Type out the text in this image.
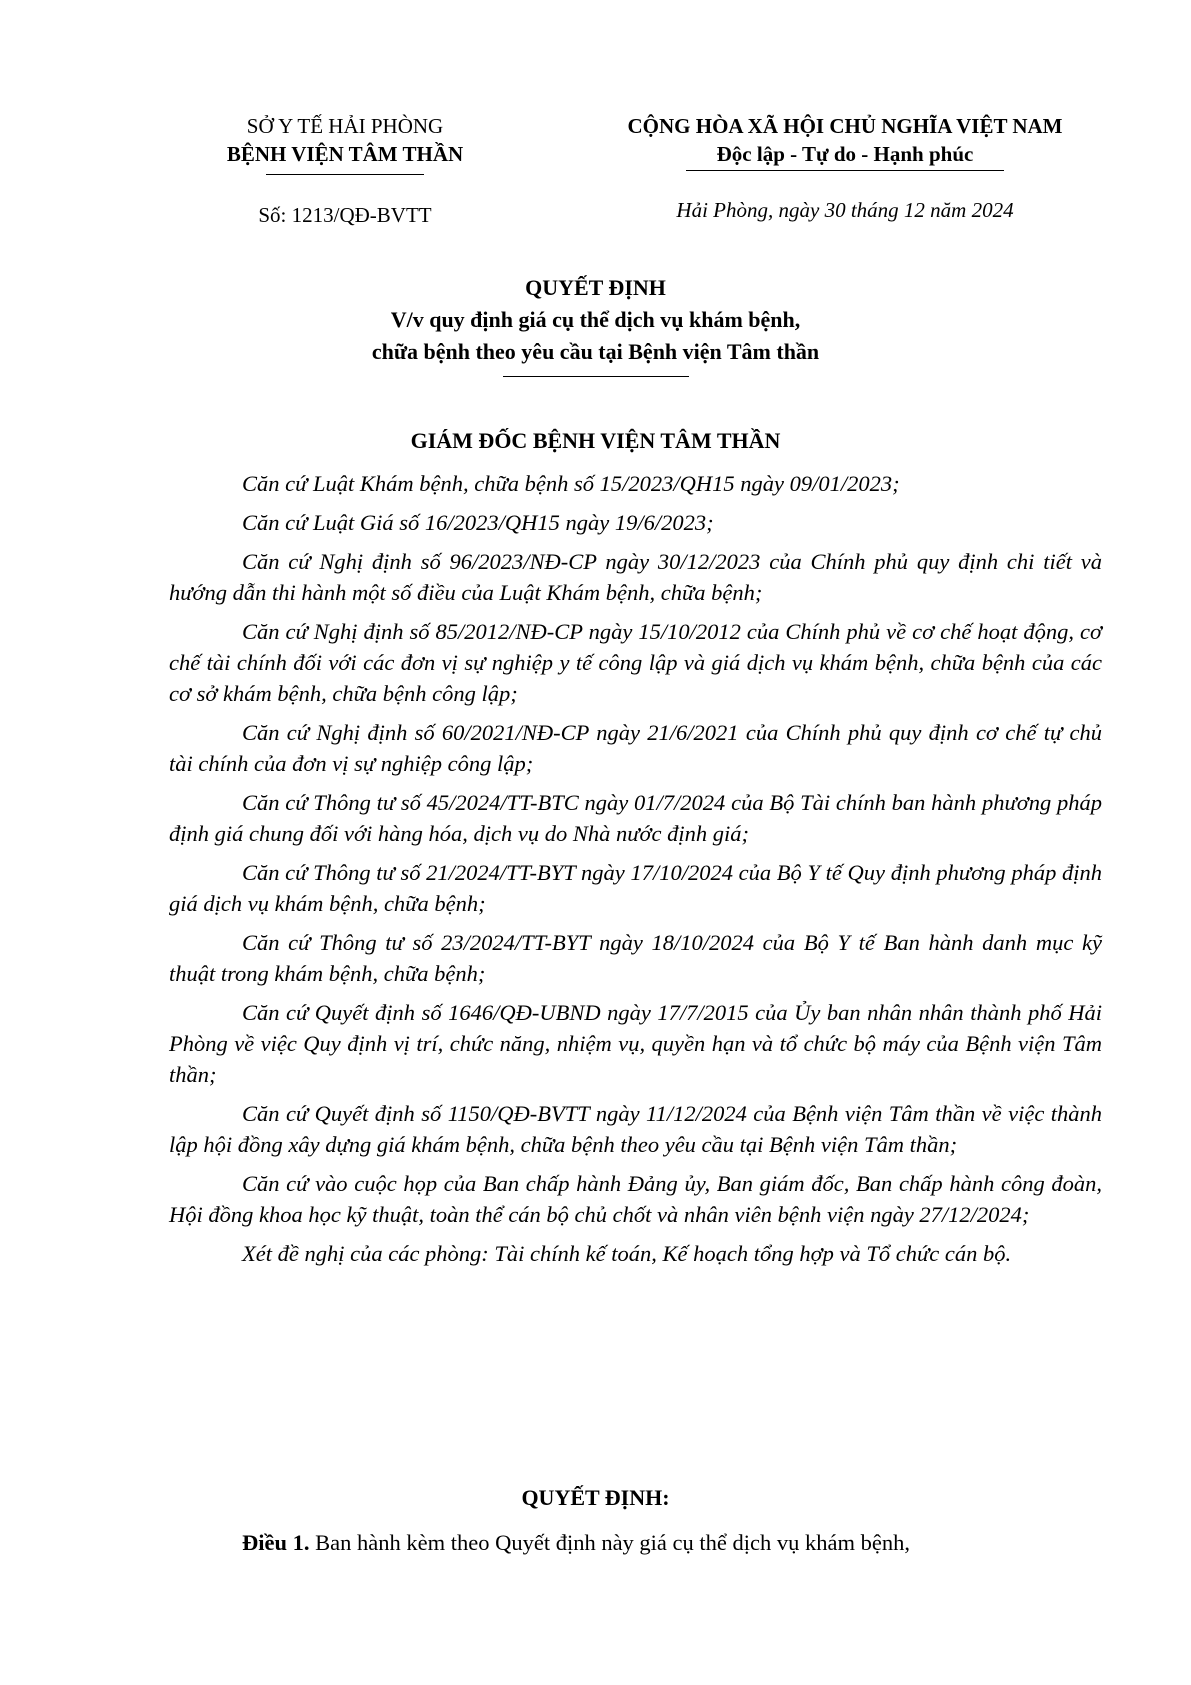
SỞ Y TẾ HẢI PHÒNG
BỆNH VIỆN TÂM THẦN
Số: 1213/QĐ-BVTT
CỘNG HÒA XÃ HỘI CHỦ NGHĨA VIỆT NAM
Độc lập - Tự do - Hạnh phúc
Hải Phòng, ngày 30 tháng 12 năm 2024
QUYẾT ĐỊNH
V/v quy định giá cụ thể dịch vụ khám bệnh,
chữa bệnh theo yêu cầu tại Bệnh viện Tâm thần
GIÁM ĐỐC BỆNH VIỆN TÂM THẦN

Căn cứ Luật Khám bệnh, chữa bệnh số 15/2023/QH15 ngày 09/01/2023;

Căn cứ Luật Giá số 16/2023/QH15 ngày 19/6/2023;

Căn cứ Nghị định số 96/2023/NĐ-CP ngày 30/12/2023 của Chính phủ quy định chi tiết và hướng dẫn thi hành một số điều của Luật Khám bệnh, chữa bệnh;

Căn cứ Nghị định số 85/2012/NĐ-CP ngày 15/10/2012 của Chính phủ về cơ chế hoạt động, cơ chế tài chính đối với các đơn vị sự nghiệp y tế công lập và giá dịch vụ khám bệnh, chữa bệnh của các cơ sở khám bệnh, chữa bệnh công lập;

Căn cứ Nghị định số 60/2021/NĐ-CP ngày 21/6/2021 của Chính phủ quy định cơ chế tự chủ tài chính của đơn vị sự nghiệp công lập;

Căn cứ Thông tư số 45/2024/TT-BTC ngày 01/7/2024 của Bộ Tài chính ban hành phương pháp định giá chung đối với hàng hóa, dịch vụ do Nhà nước định giá;

Căn cứ Thông tư số 21/2024/TT-BYT ngày 17/10/2024 của Bộ Y tế Quy định phương pháp định giá dịch vụ khám bệnh, chữa bệnh;

Căn cứ Thông tư số 23/2024/TT-BYT ngày 18/10/2024 của Bộ Y tế Ban hành danh mục kỹ thuật trong khám bệnh, chữa bệnh;

Căn cứ Quyết định số 1646/QĐ-UBND ngày 17/7/2015 của Ủy ban nhân nhân thành phố Hải Phòng về việc Quy định vị trí, chức năng, nhiệm vụ, quyền hạn và tổ chức bộ máy của Bệnh viện Tâm thần;

Căn cứ Quyết định số 1150/QĐ-BVTT ngày 11/12/2024 của Bệnh viện Tâm thần về việc thành lập hội đồng xây dựng giá khám bệnh, chữa bệnh theo yêu cầu tại Bệnh viện Tâm thần;

Căn cứ vào cuộc họp của Ban chấp hành Đảng ủy, Ban giám đốc, Ban chấp hành công đoàn, Hội đồng khoa học kỹ thuật, toàn thể cán bộ chủ chốt và nhân viên bệnh viện ngày 27/12/2024;

Xét đề nghị của các phòng: Tài chính kế toán, Kế hoạch tổng hợp và Tổ chức cán bộ.

QUYẾT ĐỊNH:

Điều 1. Ban hành kèm theo Quyết định này giá cụ thể dịch vụ khám bệnh,
